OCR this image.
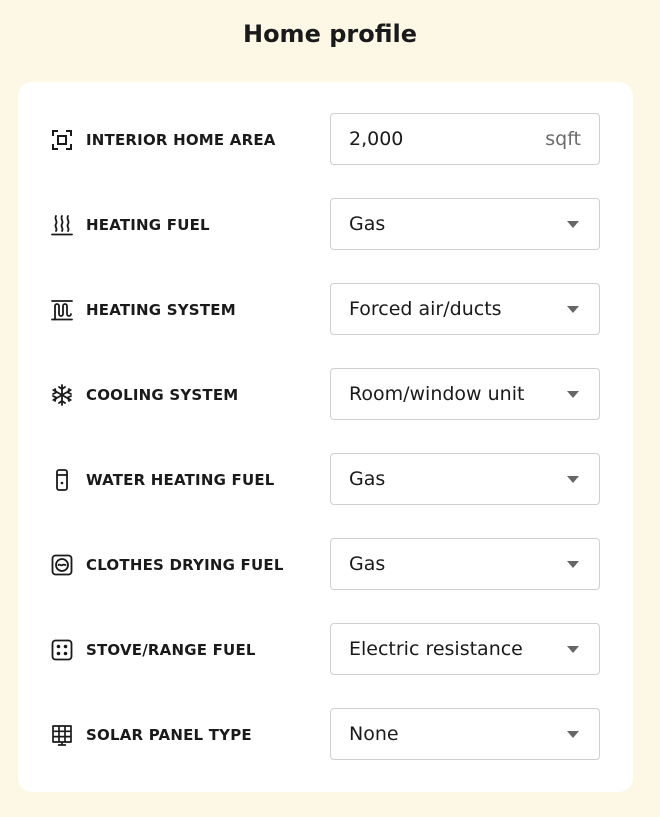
Home profile
INTERIOR HOME AREA	2,000	sqft
HEATING FUEL	Gas
HEATING SYSTEM	Forced air/ducts
COOLING SYSTEM	Room/window unit
WATER HEATING FUEL	Gas
CLOTHES DRYING FUEL	Gas
STOVE/RANGE FUEL	Electric resistance
SOLAR PANEL TYPE	None
